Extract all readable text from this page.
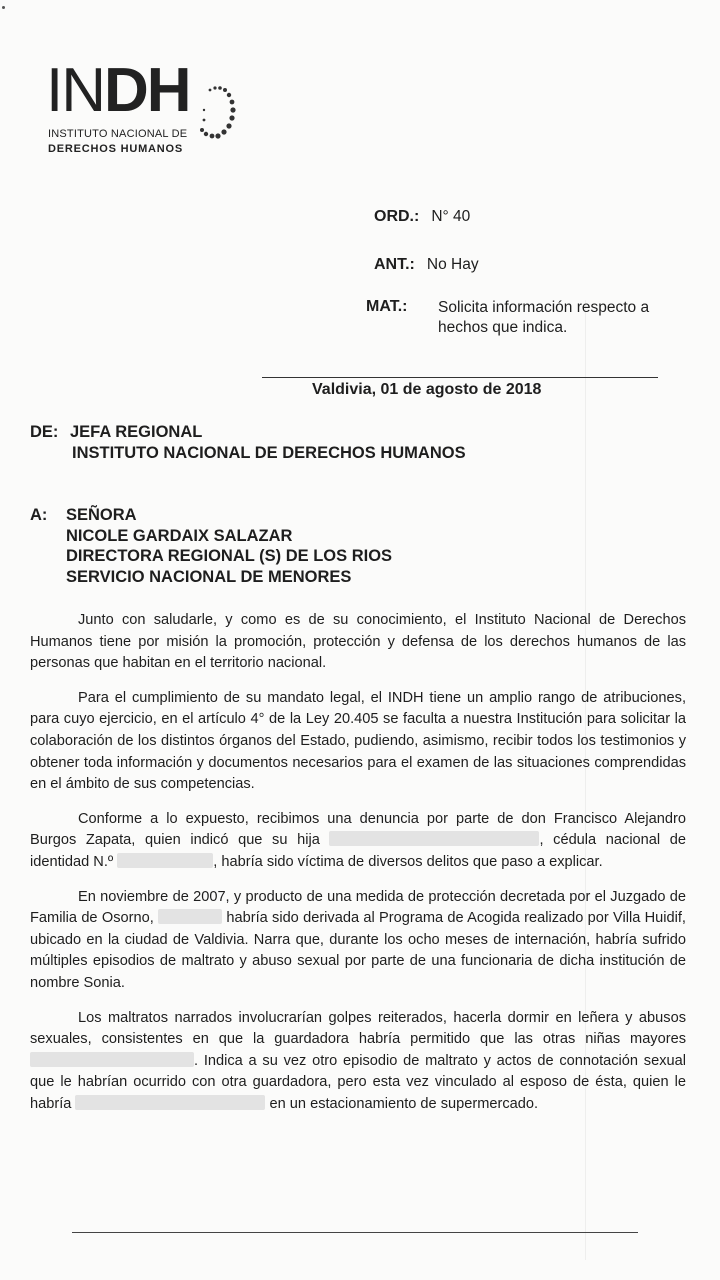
INDH
INSTITUTO NACIONAL DE
DERECHOS HUMANOS
ORD.: N° 40
ANT.: No Hay
MAT.: Solicita información respecto a hechos que indica.
Valdivia, 01 de agosto de 2018
DE: JEFA REGIONAL
INSTITUTO NACIONAL DE DERECHOS HUMANOS
A: SEÑORA
NICOLE GARDAIX SALAZAR
DIRECTORA REGIONAL (S) DE LOS RIOS
SERVICIO NACIONAL DE MENORES

Junto con saludarle, y como es de su conocimiento, el Instituto Nacional de Derechos Humanos tiene por misión la promoción, protección y defensa de los derechos humanos de las personas que habitan en el territorio nacional.

Para el cumplimiento de su mandato legal, el INDH tiene un amplio rango de atribuciones, para cuyo ejercicio, en el artículo 4° de la Ley 20.405 se faculta a nuestra Institución para solicitar la colaboración de los distintos órganos del Estado, pudiendo, asimismo, recibir todos los testimonios y obtener toda información y documentos necesarios para el examen de las situaciones comprendidas en el ámbito de sus competencias.

Conforme a lo expuesto, recibimos una denuncia por parte de don Francisco Alejandro Burgos Zapata, quien indicó que su hija	, cédula nacional de identidad N.º	, habría sido víctima de diversos delitos que paso a explicar.

En noviembre de 2007, y producto de una medida de protección decretada por el Juzgado de Familia de Osorno,	habría sido derivada al Programa de Acogida realizado por Villa Huidif, ubicado en la ciudad de Valdivia. Narra que, durante los ocho meses de internación, habría sufrido múltiples episodios de maltrato y abuso sexual por parte de una funcionaria de dicha institución de nombre Sonia.

Los maltratos narrados involucrarían golpes reiterados, hacerla dormir en leñera y abusos sexuales, consistentes en que la guardadora habría permitido que las otras niñas mayores . Indica a su vez otro episodio de maltrato y actos de connotación sexual que le habrían ocurrido con otra guardadora, pero esta vez vinculado al esposo de ésta, quien le habría	en un estacionamiento de supermercado.
